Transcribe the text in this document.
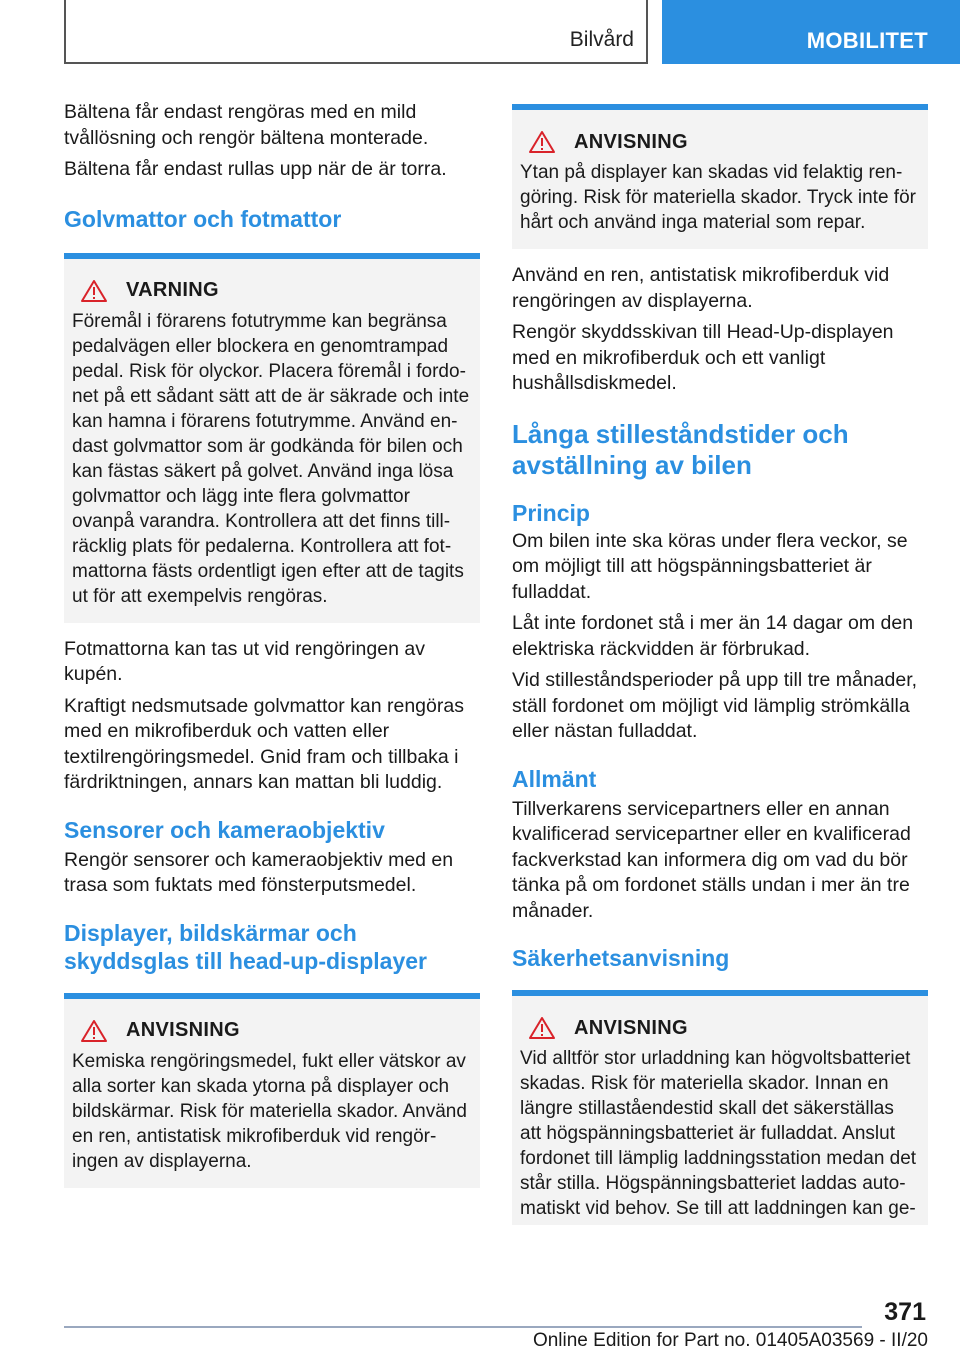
Bilvård	MOBILITET

Bältena får endast rengöras med en mild tvållösning och rengör bältena monterade.

Bältena får endast rullas upp när de är torra.

Golvmattor och fotmattor
VARNING
Föremål i förarens fotutrymme kan begränsa pedalvägen eller blockera en genomtrampad pedal. Risk för olyckor. Placera föremål i fordonet på ett sådant sätt att de är säkrade och inte kan hamna i förarens fotutrymme. Använd endast golvmattor som är godkända för bilen och kan fästas säkert på golvet. Använd inga lösa golvmattor och lägg inte flera golvmattor ovanpå varandra. Kontrollera att det finns tillräcklig plats för pedalerna. Kontrollera att fotmattorna fästs ordentligt igen efter att de tagits ut för att exempelvis rengöras.

Fotmattorna kan tas ut vid rengöringen av kupén.

Kraftigt nedsmutsade golvmattor kan rengöras med en mikrofiberduk och vatten eller textilrengöringsmedel. Gnid fram och tillbaka i färdriktningen, annars kan mattan bli luddig.

Sensorer och kameraobjektiv

Rengör sensorer och kameraobjektiv med en trasa som fuktats med fönsterputsmedel.

Displayer, bildskärmar och skyddsglas till head-up-displayer
ANVISNING
Kemiska rengöringsmedel, fukt eller vätskor av alla sorter kan skada ytorna på displayer och bildskärmar. Risk för materiella skador. Använd en ren, antistatisk mikrofiberduk vid rengöringen av displayerna.
ANVISNING
Ytan på displayer kan skadas vid felaktig rengöring. Risk för materiella skador. Tryck inte för hårt och använd inga material som repar.

Använd en ren, antistatisk mikrofiberduk vid rengöringen av displayerna.

Rengör skyddsskivan till Head-Up-displayen med en mikrofiberduk och ett vanligt hushållsdiskmedel.

Långa stilleståndstider och avställning av bilen
Princip

Om bilen inte ska köras under flera veckor, se om möjligt till att högspänningsbatteriet är fulladdat.

Låt inte fordonet stå i mer än 14 dagar om den elektriska räckvidden är förbrukad.

Vid stilleståndsperioder på upp till tre månader, ställ fordonet om möjligt vid lämplig strömkälla eller nästan fulladdat.

Allmänt

Tillverkarens servicepartners eller en annan kvalificerad servicepartner eller en kvalificerad fackverkstad kan informera dig om vad du bör tänka på om fordonet ställs undan i mer än tre månader.

Säkerhetsanvisning
ANVISNING
Vid alltför stor urladdning kan högvoltsbatteriet skadas. Risk för materiella skador. Innan en längre stillaståendestid skall det säkerställas att högspänningsbatteriet är fulladdat. Anslut fordonet till lämplig laddningsstation medan det står stilla. Högspänningsbatteriet laddas automatiskt vid behov. Se till att laddningen kan ge-
371
Online Edition for Part no. 01405A03569 - II/20
